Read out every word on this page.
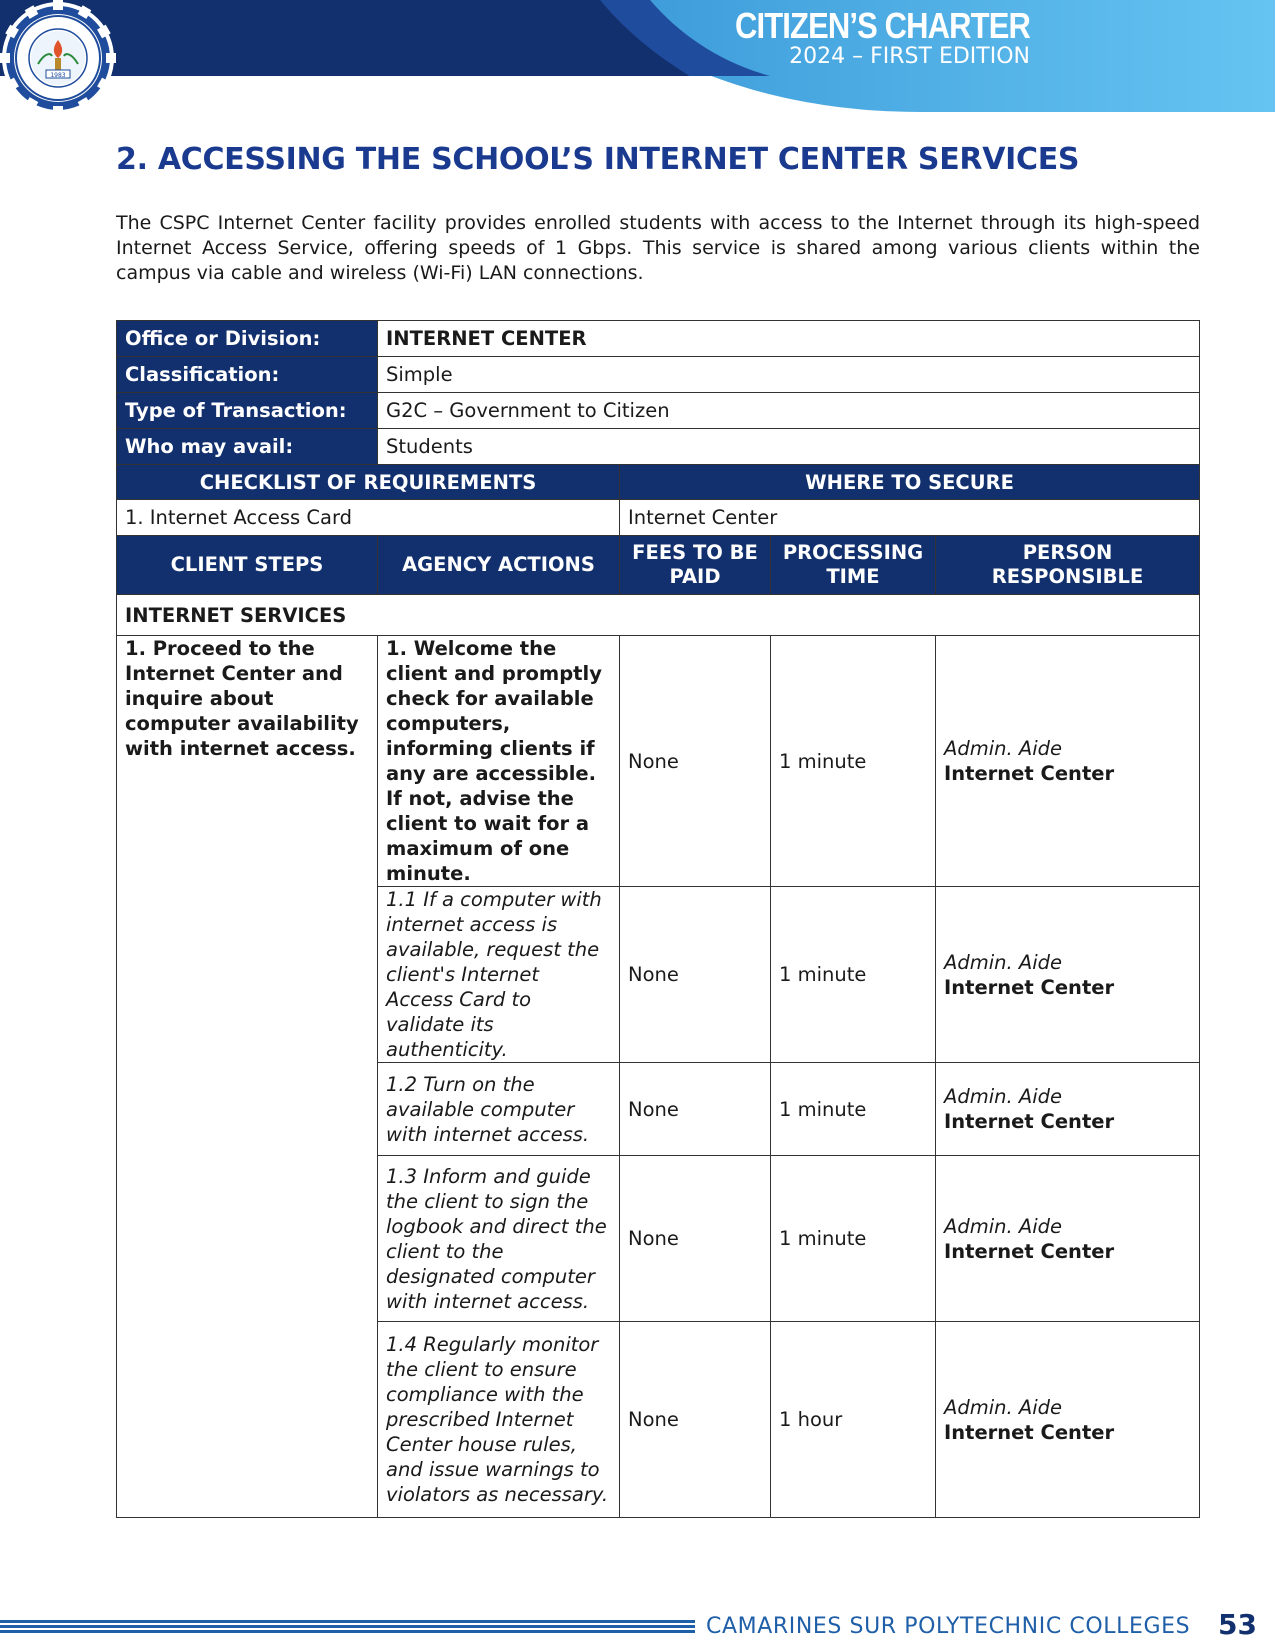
CITIZEN’S CHARTER
2024 – FIRST EDITION
1983
2. ACCESSING THE SCHOOL’S INTERNET CENTER SERVICES
The CSPC Internet Center facility provides enrolled students with access to the Internet through its high-speed Internet Access Service, offering speeds of 1 Gbps. This service is shared among various clients within the campus via cable and wireless (Wi-Fi) LAN connections.
Office or Division:	INTERNET CENTER			
Classification:	Simple			
Type of Transaction:	G2C – Government to Citizen			
Who may avail:	Students			
CHECKLIST OF REQUIREMENTS		WHERE TO SECURE		
1. Internet Access Card		Internet Center		
CLIENT STEPS	AGENCY ACTIONS	FEES TO BE PAID	PROCESSING TIME	PERSON RESPONSIBLE
INTERNET SERVICES				
1. Proceed to the Internet Center and inquire about computer availability with internet access.	1. Welcome the client and promptly check for available computers, informing clients if any are accessible. If not, advise the client to wait for a maximum of one minute.	None	1 minute	Admin. Aide
Internet Center

	1.1 If a computer with internet access is available, request the client's Internet Access Card to validate its authenticity.	None	1 minute	Admin. Aide
Internet Center

	1.2 Turn on the available computer with internet access.	None	1 minute	Admin. Aide
Internet Center

	1.3 Inform and guide the client to sign the logbook and direct the client to the designated computer with internet access.	None	1 minute	Admin. Aide
Internet Center

	1.4 Regularly monitor the client to ensure compliance with the prescribed Internet Center house rules, and issue warnings to violators as necessary.	None	1 hour	Admin. Aide
Internet Center
CAMARINES SUR POLYTECHNIC COLLEGES 53
